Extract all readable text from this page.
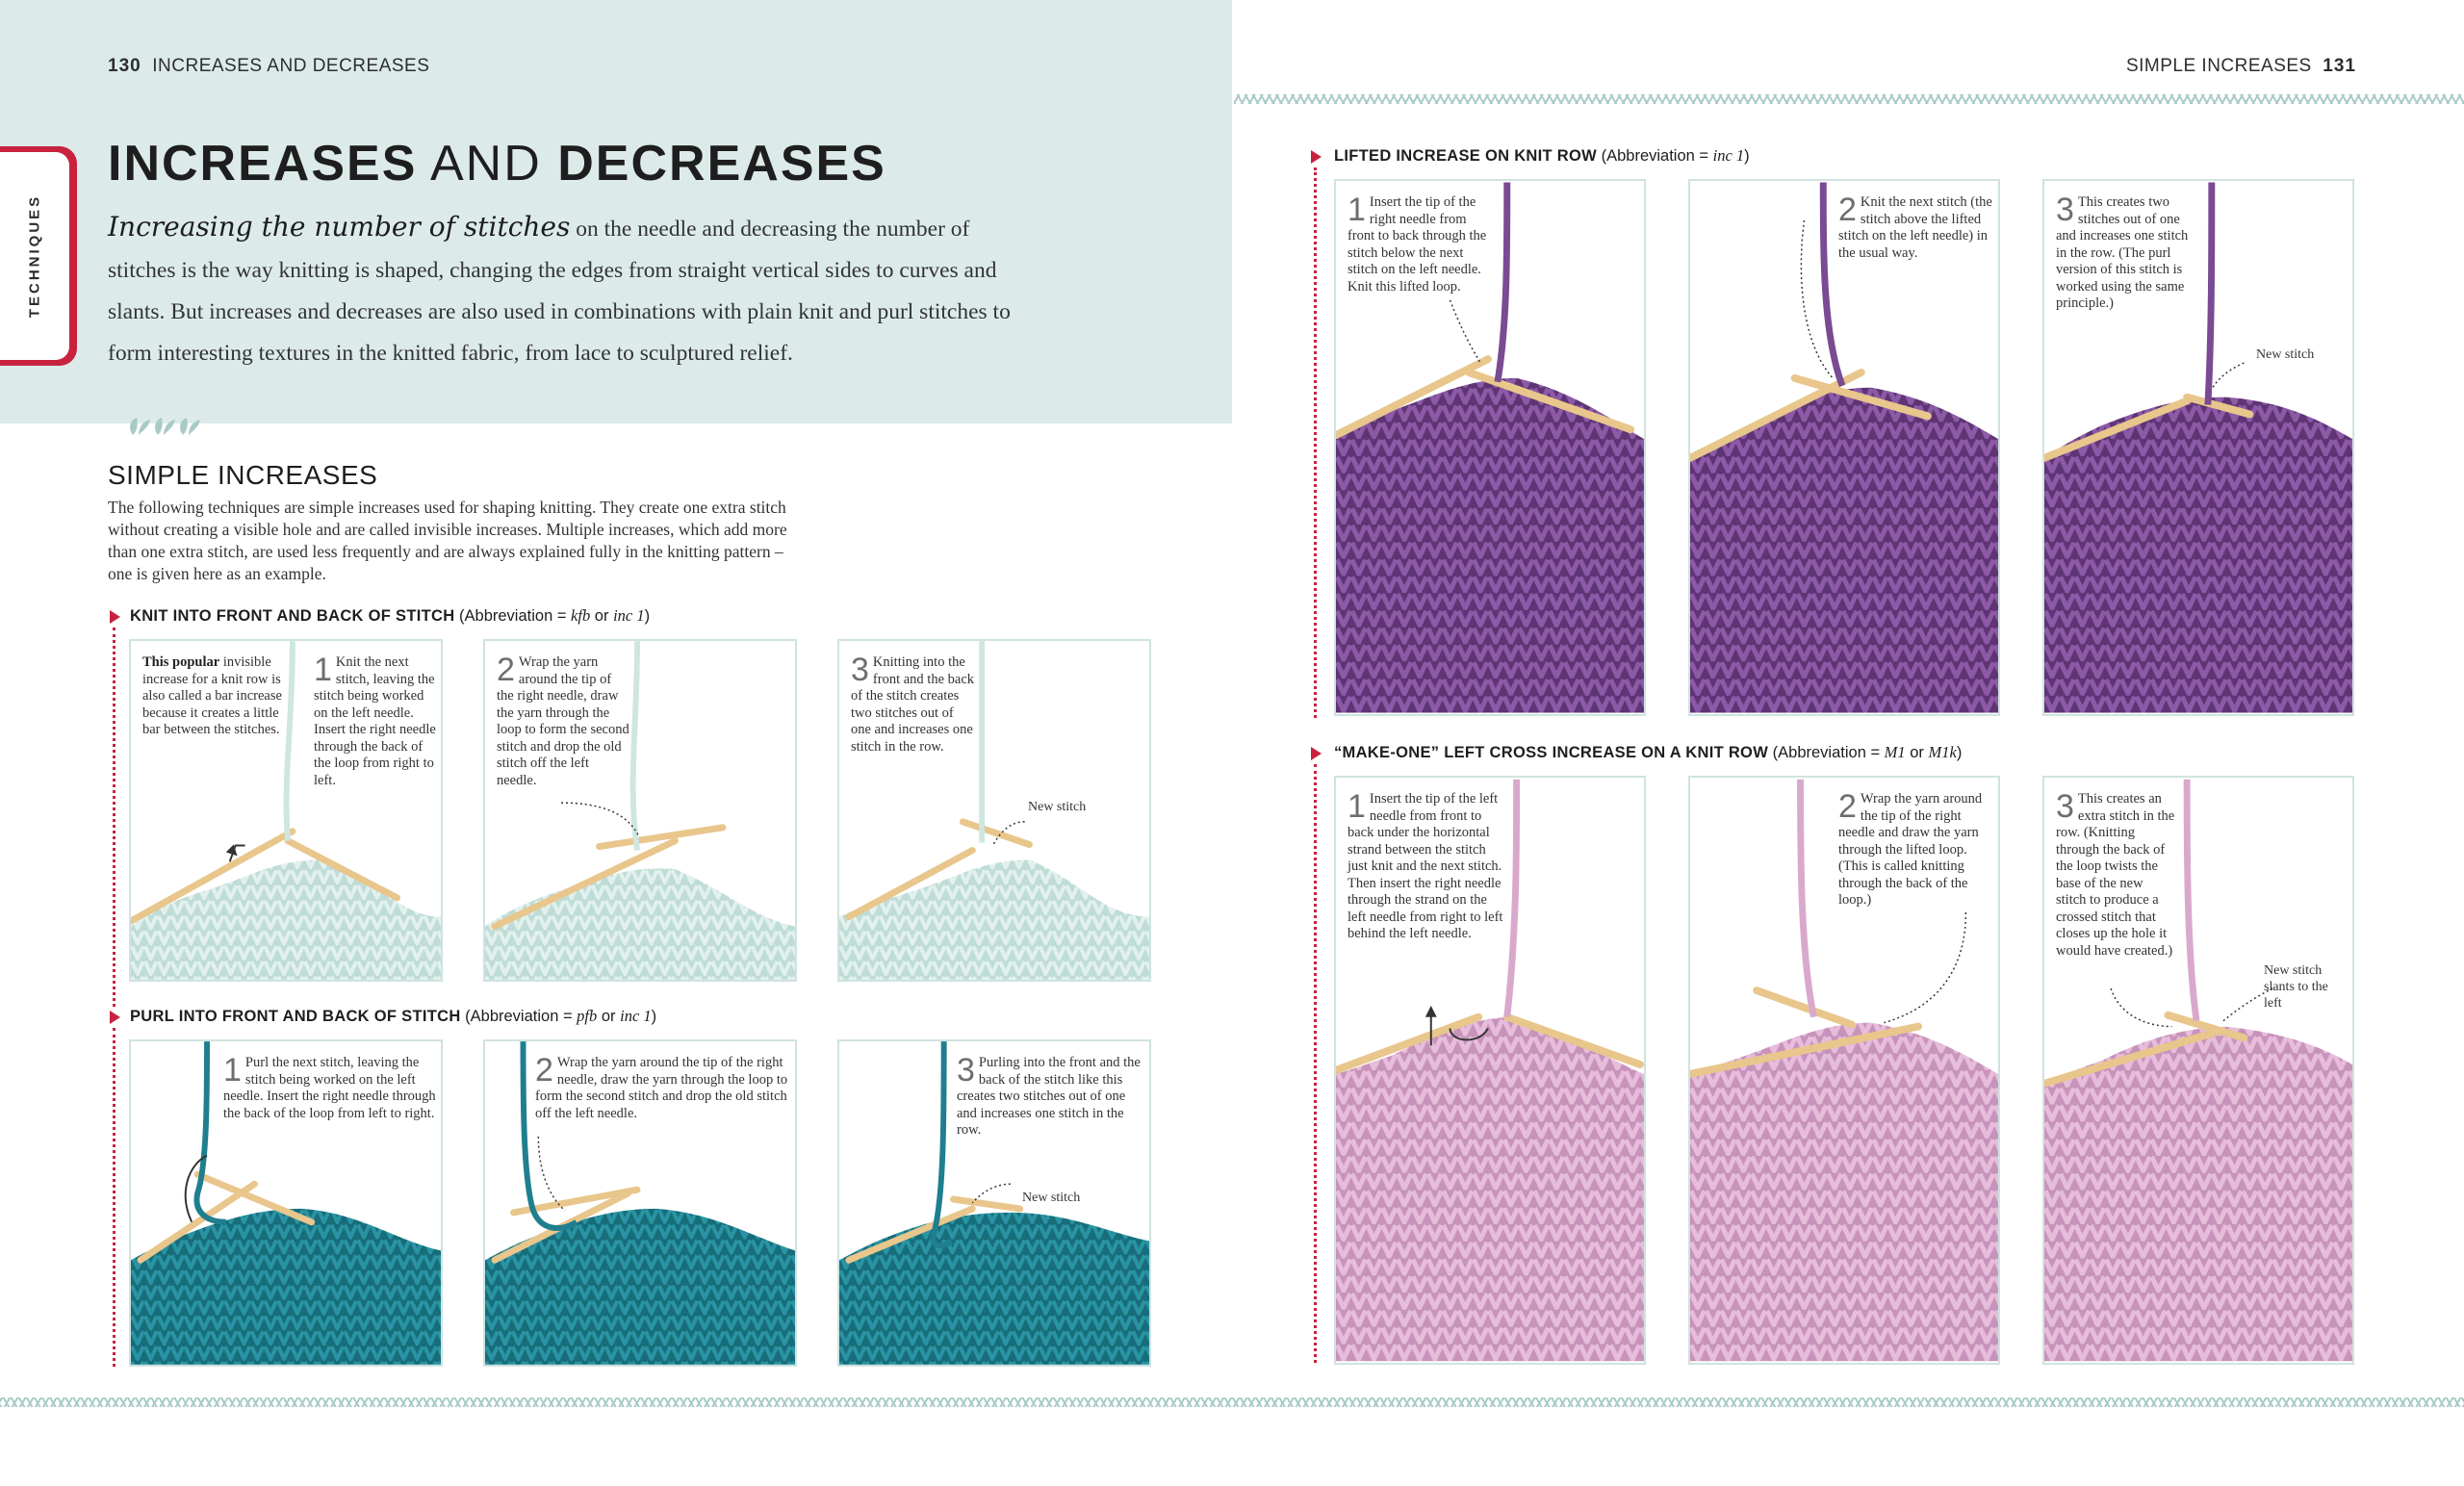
130 INCREASES AND DECREASES	SIMPLE INCREASES 131
TECHNIQUES
INCREASES AND DECREASES
Increasing the number of stitches on the needle and decreasing the number of stitches is the way knitting is shaped, changing the edges from straight vertical sides to curves and slants. But increases and decreases are also used in combinations with plain knit and purl stitches to form interesting textures in the knitted fabric, from lace to sculptured relief.
SIMPLE INCREASES
The following techniques are simple increases used for shaping knitting. They create one extra stitch without creating a visible hole and are called invisible increases. Multiple increases, which add more than one extra stitch, are used less frequently and are always explained fully in the knitting pattern – one is given here as an example.
KNIT INTO FRONT AND BACK OF STITCH (Abbreviation = kfb or inc 1)
This popular invisible increase for a knit row is also called a bar increase because it creates a little bar between the stitches.
1 Knit the next stitch, leaving the stitch being worked on the left needle. Insert the right needle through the back of the loop from right to left.
2 Wrap the yarn around the tip of the right needle, draw the yarn through the loop to form the second stitch and drop the old stitch off the left needle.
3 Knitting into the front and the back of the stitch creates two stitches out of one and increases one stitch in the row.
New stitch
PURL INTO FRONT AND BACK OF STITCH (Abbreviation = pfb or inc 1)
1 Purl the next stitch, leaving the stitch being worked on the left needle. Insert the right needle through the back of the loop from left to right.
2 Wrap the yarn around the tip of the right needle, draw the yarn through the loop to form the second stitch and drop the old stitch off the left needle.
3 Purling into the front and the back of the stitch like this creates two stitches out of one and increases one stitch in the row.
New stitch
LIFTED INCREASE ON KNIT ROW (Abbreviation = inc 1)
1 Insert the tip of the right needle from front to back through the stitch below the next stitch on the left needle. Knit this lifted loop.
2 Knit the next stitch (the stitch above the lifted stitch on the left needle) in the usual way.
3 This creates two stitches out of one and increases one stitch in the row. (The purl version of this stitch is worked using the same principle.)
New stitch
“MAKE-ONE” LEFT CROSS INCREASE ON A KNIT ROW (Abbreviation = M1 or M1k)
1 Insert the tip of the left needle from front to back under the horizontal strand between the stitch just knit and the next stitch. Then insert the right needle through the strand on the left needle from right to left behind the left needle.
2 Wrap the yarn around the tip of the right needle and draw the yarn through the lifted loop. (This is called knitting through the back of the loop.)
3 This creates an extra stitch in the row. (Knitting through the back of the loop twists the base of the new stitch to produce a crossed stitch that closes up the hole it would have created.)
New stitch slants to the left
